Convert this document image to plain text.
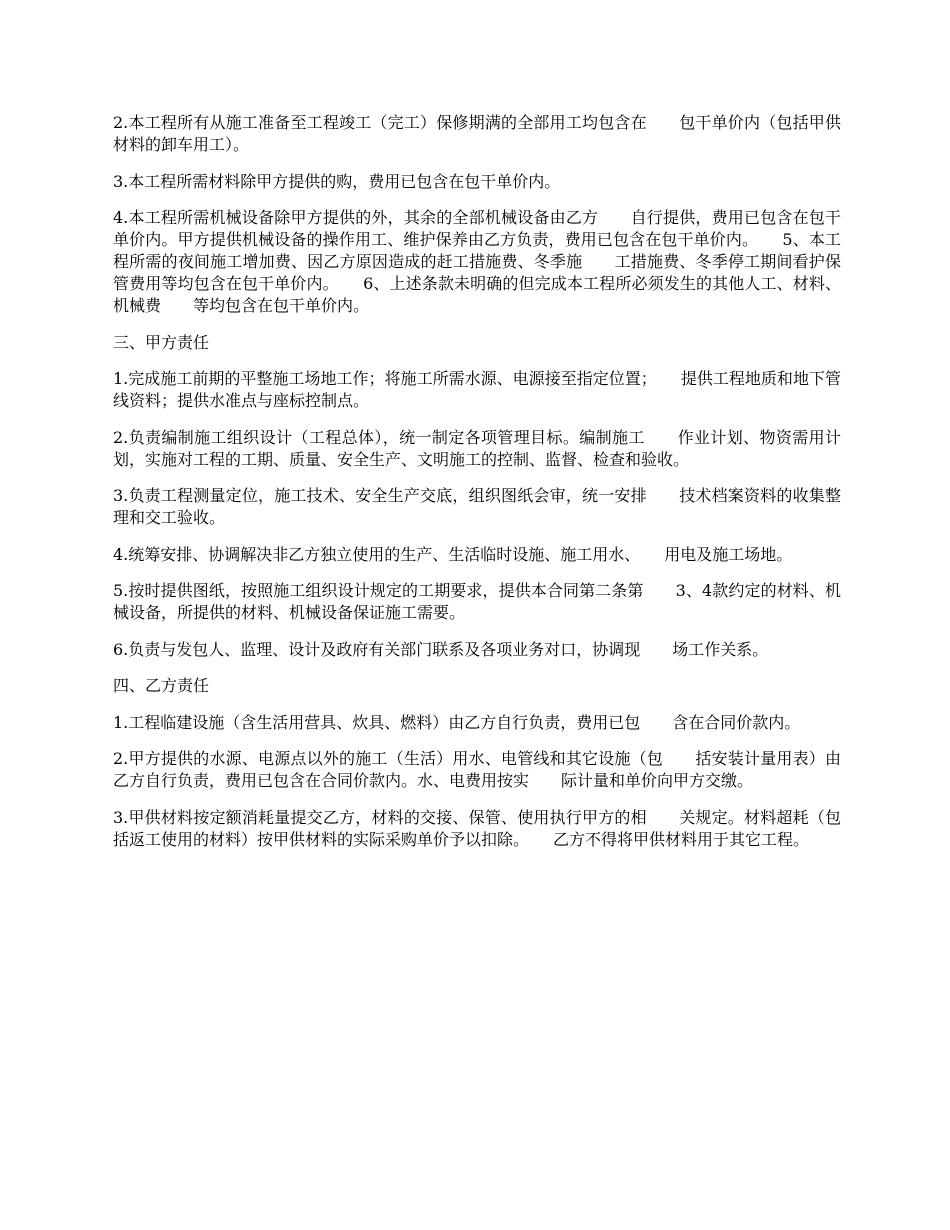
2.本工程所有从施工准备至工程竣工（完工）保修期满的全部用工均包含在　　包干单价内（包括甲供材料的卸车用工）。

3.本工程所需材料除甲方提供的购，费用已包含在包干单价内。

4.本工程所需机械设备除甲方提供的外，其余的全部机械设备由乙方　　自行提供，费用已包含在包干单价内。甲方提供机械设备的操作用工、维护保养由乙方负责，费用已包含在包干单价内。　　5、本工程所需的夜间施工增加费、因乙方原因造成的赶工措施费、冬季施　　工措施费、冬季停工期间看护保管费用等均包含在包干单价内。　　6、上述条款未明确的但完成本工程所必须发生的其他人工、材料、机械费　　等均包含在包干单价内。

三、甲方责任

1.完成施工前期的平整施工场地工作；将施工所需水源、电源接至指定位置；　　提供工程地质和地下管线资料；提供水准点与座标控制点。

2.负责编制施工组织设计（工程总体），统一制定各项管理目标。编制施工　　作业计划、物资需用计划，实施对工程的工期、质量、安全生产、文明施工的控制、监督、检查和验收。

3.负责工程测量定位，施工技术、安全生产交底，组织图纸会审，统一安排　　技术档案资料的收集整理和交工验收。

4.统筹安排、协调解决非乙方独立使用的生产、生活临时设施、施工用水、　　用电及施工场地。

5.按时提供图纸，按照施工组织设计规定的工期要求，提供本合同第二条第　　3、4款约定的材料、机械设备，所提供的材料、机械设备保证施工需要。

6.负责与发包人、监理、设计及政府有关部门联系及各项业务对口，协调现　　场工作关系。

四、乙方责任

1.工程临建设施（含生活用营具、炊具、燃料）由乙方自行负责，费用已包　　含在合同价款内。

2.甲方提供的水源、电源点以外的施工（生活）用水、电管线和其它设施（包　　括安装计量用表）由乙方自行负责，费用已包含在合同价款内。水、电费用按实　　际计量和单价向甲方交缴。

3.甲供材料按定额消耗量提交乙方，材料的交接、保管、使用执行甲方的相　　关规定。材料超耗（包括返工使用的材料）按甲供材料的实际采购单价予以扣除。　　乙方不得将甲供材料用于其它工程。
